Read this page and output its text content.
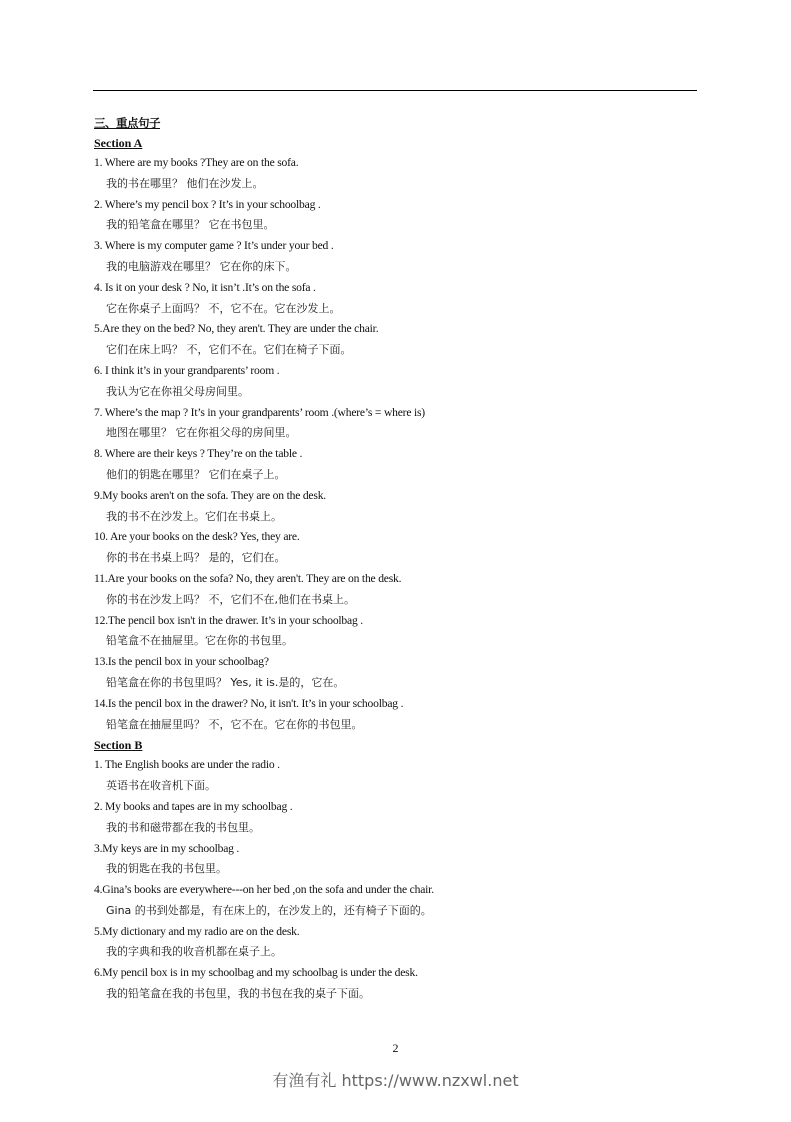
三、重点句子
Section A
1. Where are my books ?They are on the sofa.
我的书在哪里？ 他们在沙发上。
2. Where’s my pencil box ? It’s in your schoolbag .
我的铅笔盒在哪里？ 它在书包里。
3. Where is my computer game ? It’s under your bed .
我的电脑游戏在哪里？ 它在你的床下。
4. Is it on your desk ? No, it isn’t .It’s on the sofa .
它在你桌子上面吗？ 不，它不在。它在沙发上。
5.Are they on the bed? No, they aren't. They are under the chair.
它们在床上吗？ 不，它们不在。它们在椅子下面。
6. I think it’s in your grandparents’ room .
我认为它在你祖父母房间里。
7. Where’s the map ? It’s in your grandparents’ room .(where’s = where is)
地图在哪里？ 它在你祖父母的房间里。
8. Where are their keys ? They’re on the table .
他们的钥匙在哪里？ 它们在桌子上。
9.My books aren't on the sofa. They are on the desk.
我的书不在沙发上。它们在书桌上。
10. Are your books on the desk? Yes, they are.
你的书在书桌上吗？ 是的，它们在。
11.Are your books on the sofa? No, they aren't. They are on the desk.
你的书在沙发上吗？ 不，它们不在,他们在书桌上。
12.The pencil box isn't in the drawer. It’s in your schoolbag .
铅笔盒不在抽屉里。它在你的书包里。
13.Is the pencil box in your schoolbag?
铅笔盒在你的书包里吗？ Yes, it is.是的，它在。
14.Is the pencil box in the drawer? No, it isn't. It’s in your schoolbag .
铅笔盒在抽屉里吗？ 不，它不在。它在你的书包里。
Section B
1. The English books are under the radio .
英语书在收音机下面。
2. My books and tapes are in my schoolbag .
我的书和磁带都在我的书包里。
3.My keys are in my schoolbag .
我的钥匙在我的书包里。
4.Gina’s books are everywhere---on her bed ,on the sofa and under the chair.
Gina 的书到处都是，有在床上的，在沙发上的，还有椅子下面的。
5.My dictionary and my radio are on the desk.
我的字典和我的收音机都在桌子上。
6.My pencil box is in my schoolbag and my schoolbag is under the desk.
我的铅笔盒在我的书包里，我的书包在我的桌子下面。
2
有渔有礼 https://www.nzxwl.net
